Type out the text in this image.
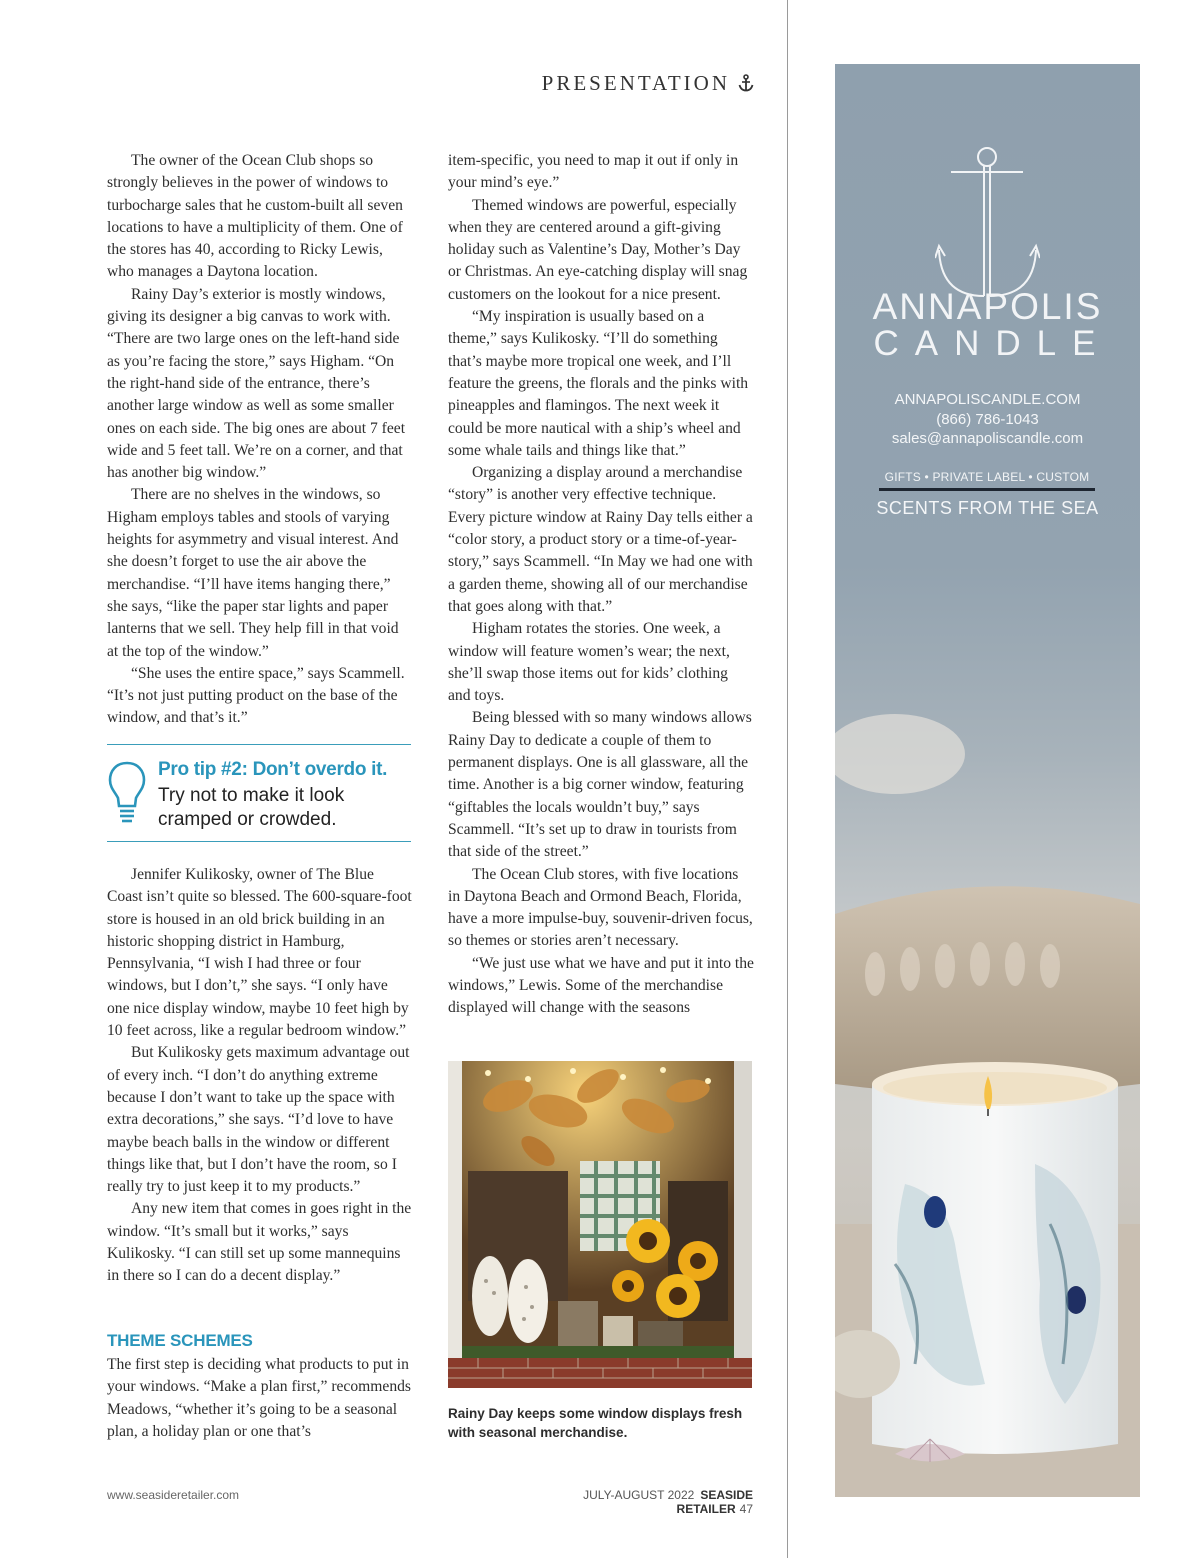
PRESENTATION

The owner of the Ocean Club shops so strongly believes in the power of windows to turbocharge sales that he custom-built all seven locations to have a multiplicity of them. One of the stores has 40, according to Ricky Lewis, who manages a Daytona location.

Rainy Day’s exterior is mostly windows, giving its designer a big canvas to work with. “There are two large ones on the left-hand side as you’re facing the store,” says Higham. “On the right-hand side of the entrance, there’s another large window as well as some smaller ones on each side. The big ones are about 7 feet wide and 5 feet tall. We’re on a corner, and that has another big window.”

There are no shelves in the windows, so Higham employs tables and stools of varying heights for asymmetry and visual interest. And she doesn’t forget to use the air above the merchandise. “I’ll have items hanging there,” she says, “like the paper star lights and paper lanterns that we sell. They help fill in that void at the top of the window.”

“She uses the entire space,” says Scammell. “It’s not just putting product on the base of the window, and that’s it.”

Pro tip #2: Don’t overdo it.
Try not to make it look cramped or crowded.

Jennifer Kulikosky, owner of The Blue Coast isn’t quite so blessed. The 600-square-foot store is housed in an old brick building in an historic shopping district in Hamburg, Pennsylvania, “I wish I had three or four windows, but I don’t,” she says. “I only have one nice display window, maybe 10 feet high by 10 feet across, like a regular bedroom window.”

But Kulikosky gets maximum advantage out of every inch. “I don’t do anything extreme because I don’t want to take up the space with extra decorations,” she says. “I’d love to have maybe beach balls in the window or different things like that, but I don’t have the room, so I really try to just keep it to my products.”

Any new item that comes in goes right in the window. “It’s small but it works,” says Kulikosky. “I can still set up some mannequins in there so I can do a decent display.”

THEME SCHEMES

The first step is deciding what products to put in your windows. “Make a plan first,” recommends Meadows, “whether it’s going to be a seasonal plan, a holiday plan or one that’s

item-specific, you need to map it out if only in your mind’s eye.”

Themed windows are powerful, especially when they are centered around a gift-giving holiday such as Valentine’s Day, Mother’s Day or Christmas. An eye-catching display will snag customers on the lookout for a nice present.

“My inspiration is usually based on a theme,” says Kulikosky. “I’ll do something that’s maybe more tropical one week, and I’ll feature the greens, the florals and the pinks with pineapples and flamingos. The next week it could be more nautical with a ship’s wheel and some whale tails and things like that.”

Organizing a display around a merchandise “story” is another very effective technique. Every picture window at Rainy Day tells either a “color story, a product story or a time-of-year-story,” says Scammell. “In May we had one with a garden theme, showing all of our merchandise that goes along with that.”

Higham rotates the stories. One week, a window will feature women’s wear; the next, she’ll swap those items out for kids’ clothing and toys.

Being blessed with so many windows allows Rainy Day to dedicate a couple of them to permanent displays. One is all glassware, all the time. Another is a big corner window, featuring “giftables the locals wouldn’t buy,” says Scammell. “It’s set up to draw in tourists from that side of the street.”

The Ocean Club stores, with five locations in Daytona Beach and Ormond Beach, Florida, have a more impulse-buy, souvenir-driven focus, so themes or stories aren’t necessary.

“We just use what we have and put it into the windows,” Lewis. Some of the merchandise displayed will change with the seasons

Rainy Day keeps some window displays fresh with seasonal merchandise.
www.seasideretailer.com	JULY-AUGUST 2022 SEASIDE RETAILER 47
ANNAPOLIS
CANDLE
ANNAPOLISCANDLE.COM
(866) 786-1043
sales@annapoliscandle.com
GIFTS • PRIVATE LABEL • CUSTOM
SCENTS FROM THE SEA
